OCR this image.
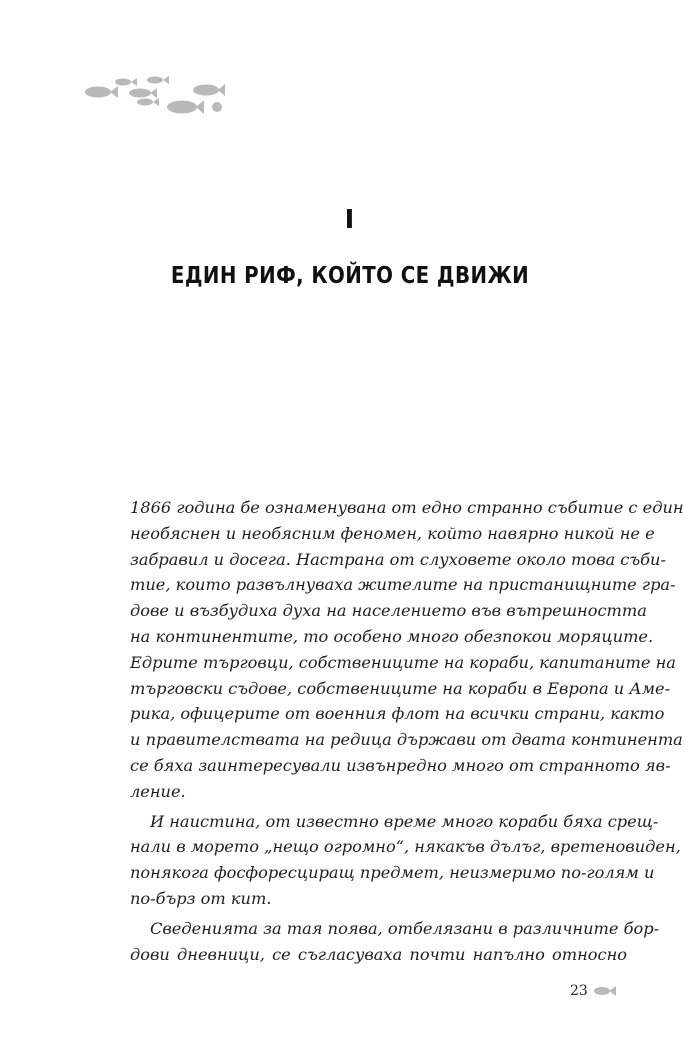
I
ЕДИН РИФ, КОЙТО СЕ ДВИЖИ
1866 година бе ознаменувана от едно странно събитие с един
необяснен и необясним феномен, който навярно никой не е
забравил и досега. Настрана от слуховете около това съби-
тие, които развълнуваха жителите на пристанищните гра-
дове и възбудиха духа на населението във вътрешността
на континентите, то особено много обезпокои моряците.
Едрите търговци, собствениците на кораби, капитаните на
търговски съдове, собствениците на кораби в Европа и Аме-
рика, офицерите от военния флот на всички страни, както
и правителствата на редица държави от двата континента
се бяха заинтересували извънредно много от странното яв-
ление.
И наистина, от известно време много кораби бяха срещ-
нали в морето „нещо огромно“, някакъв дълъг, вретеновиден,
понякога фосфоресциращ предмет, неизмеримо по-голям и
по-бърз от кит.
Сведенията за тая поява, отбелязани в различните бор-
дови дневници, се съгласуваха почти напълно относно
23
